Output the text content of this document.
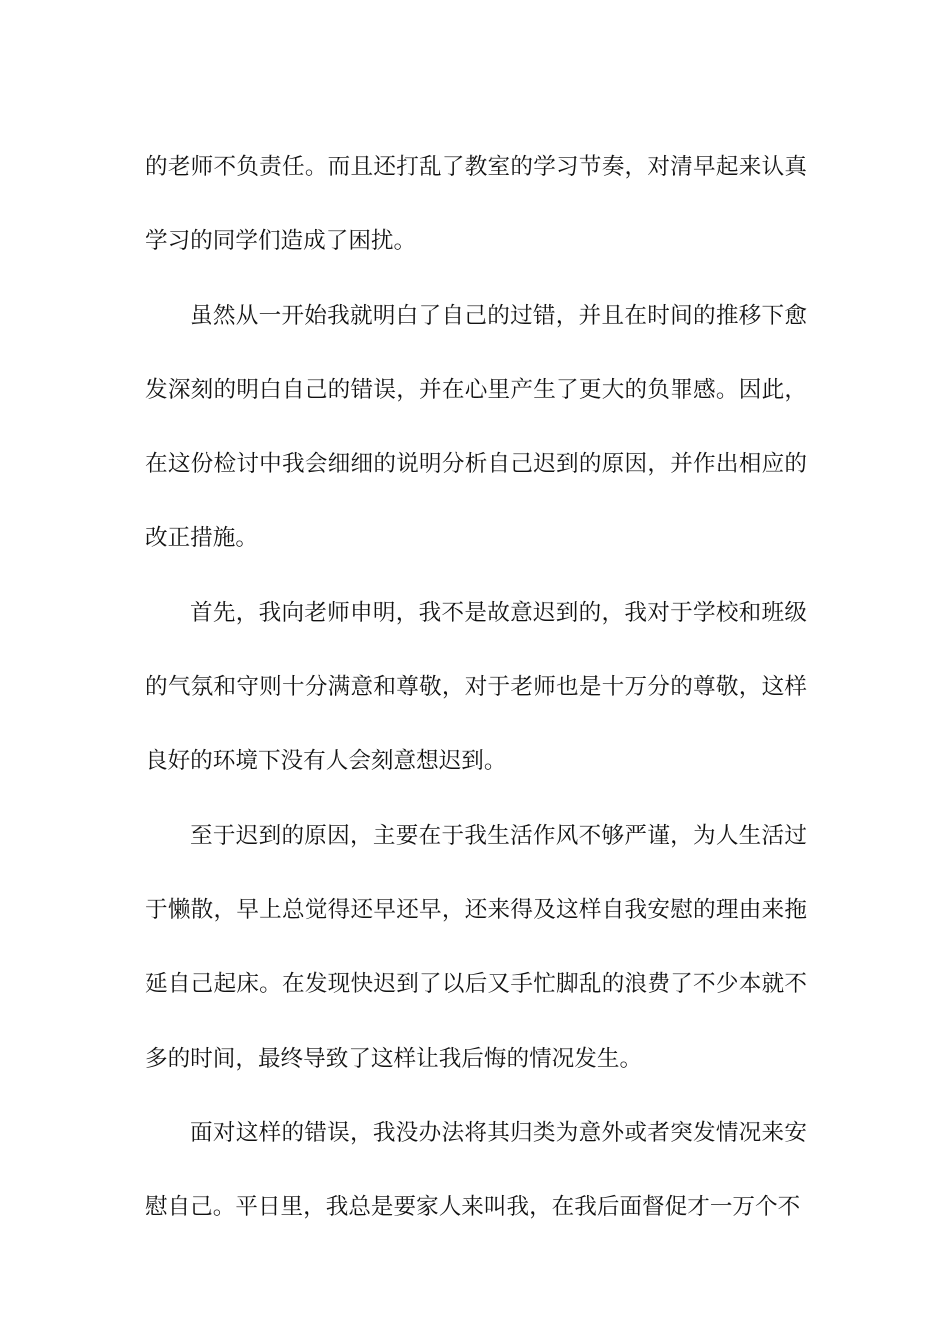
的老师不负责任。而且还打乱了教室的学习节奏，对清早起来认真学习的同学们造成了困扰。

虽然从一开始我就明白了自己的过错，并且在时间的推移下愈发深刻的明白自己的错误，并在心里产生了更大的负罪感。因此，在这份检讨中我会细细的说明分析自己迟到的原因，并作出相应的改正措施。

首先，我向老师申明，我不是故意迟到的，我对于学校和班级的气氛和守则十分满意和尊敬，对于老师也是十万分的尊敬，这样良好的环境下没有人会刻意想迟到。

至于迟到的原因，主要在于我生活作风不够严谨，为人生活过于懒散，早上总觉得还早还早，还来得及这样自我安慰的理由来拖延自己起床。在发现快迟到了以后又手忙脚乱的浪费了不少本就不多的时间，最终导致了这样让我后悔的情况发生。

面对这样的错误，我没办法将其归类为意外或者突发情况来安慰自己。平日里，我总是要家人来叫我，在我后面督促才一万个不
